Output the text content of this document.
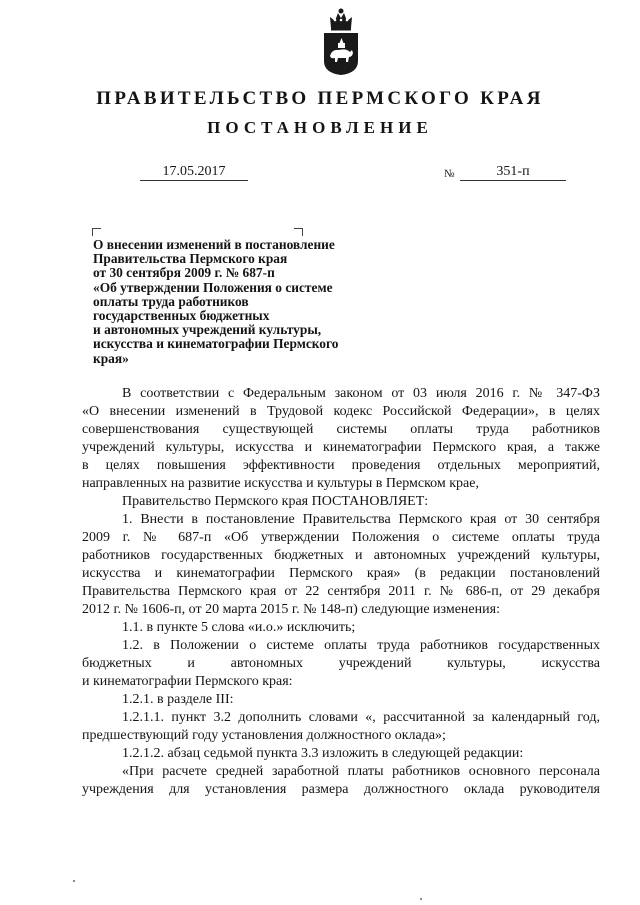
ПРАВИТЕЛЬСТВО ПЕРМСКОГО КРАЯ
ПОСТАНОВЛЕНИЕ
17.05.2017	№	351-п
О внесении изменений в постановление
Правительства Пермского края
от 30 сентября 2009 г. № 687-п
«Об утверждении Положения о системе
оплаты труда работников
государственных бюджетных
и автономных учреждений культуры,
искусства и кинематографии Пермского
края»
В соответствии с Федеральным законом от 03 июля 2016 г. № 347-ФЗ
«О внесении изменений в Трудовой кодекс Российской Федерации», в целях
совершенствования существующей системы оплаты труда работников
учреждений культуры, искусства и кинематографии Пермского края, а также
в целях повышения эффективности проведения отдельных мероприятий,
направленных на развитие искусства и культуры в Пермском крае,
Правительство Пермского края ПОСТАНОВЛЯЕТ:
1. Внести в постановление Правительства Пермского края от 30 сентября
2009 г. № 687-п «Об утверждении Положения о системе оплаты труда
работников государственных бюджетных и автономных учреждений культуры,
искусства и кинематографии Пермского края» (в редакции постановлений
Правительства Пермского края от 22 сентября 2011 г. № 686-п, от 29 декабря
2012 г. № 1606-п, от 20 марта 2015 г. № 148-п) следующие изменения:
1.1. в пункте 5 слова «и.о.» исключить;
1.2. в Положении о системе оплаты труда работников государственных
бюджетных и автономных учреждений культуры, искусства
и кинематографии Пермского края:
1.2.1. в разделе III:
1.2.1.1. пункт 3.2 дополнить словами «, рассчитанной за календарный год,
предшествующий году установления должностного оклада»;
1.2.1.2. абзац седьмой пункта 3.3 изложить в следующей редакции:
«При расчете средней заработной платы работников основного персонала
учреждения для установления размера должностного оклада руководителя
